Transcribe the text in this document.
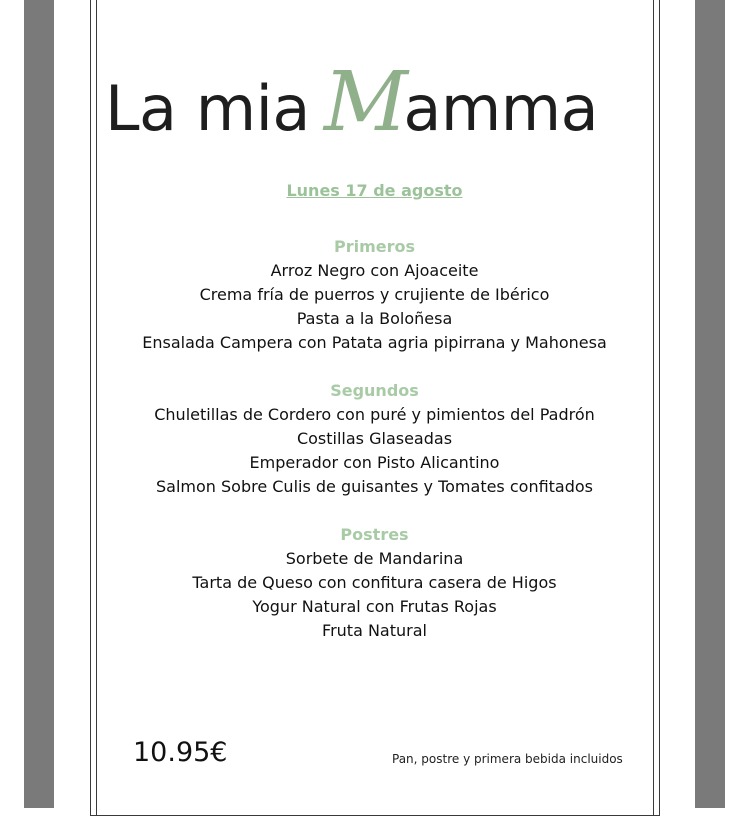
La mia M
amma
Lunes 17 de agosto
Primeros
Arroz Negro con Ajoaceite
Crema fría de puerros y crujiente de Ibérico
Pasta a la Boloñesa
Ensalada Campera con Patata agria pipirrana y Mahonesa
Segundos
Chuletillas de Cordero con puré y pimientos del Padrón
Costillas Glaseadas
Emperador con Pisto Alicantino
Salmon Sobre Culis de guisantes y Tomates confitados
Postres
Sorbete de Mandarina
Tarta de Queso con confitura casera de Higos
Yogur Natural con Frutas Rojas
Fruta Natural
10.95€	Pan, postre y primera bebida incluidos
